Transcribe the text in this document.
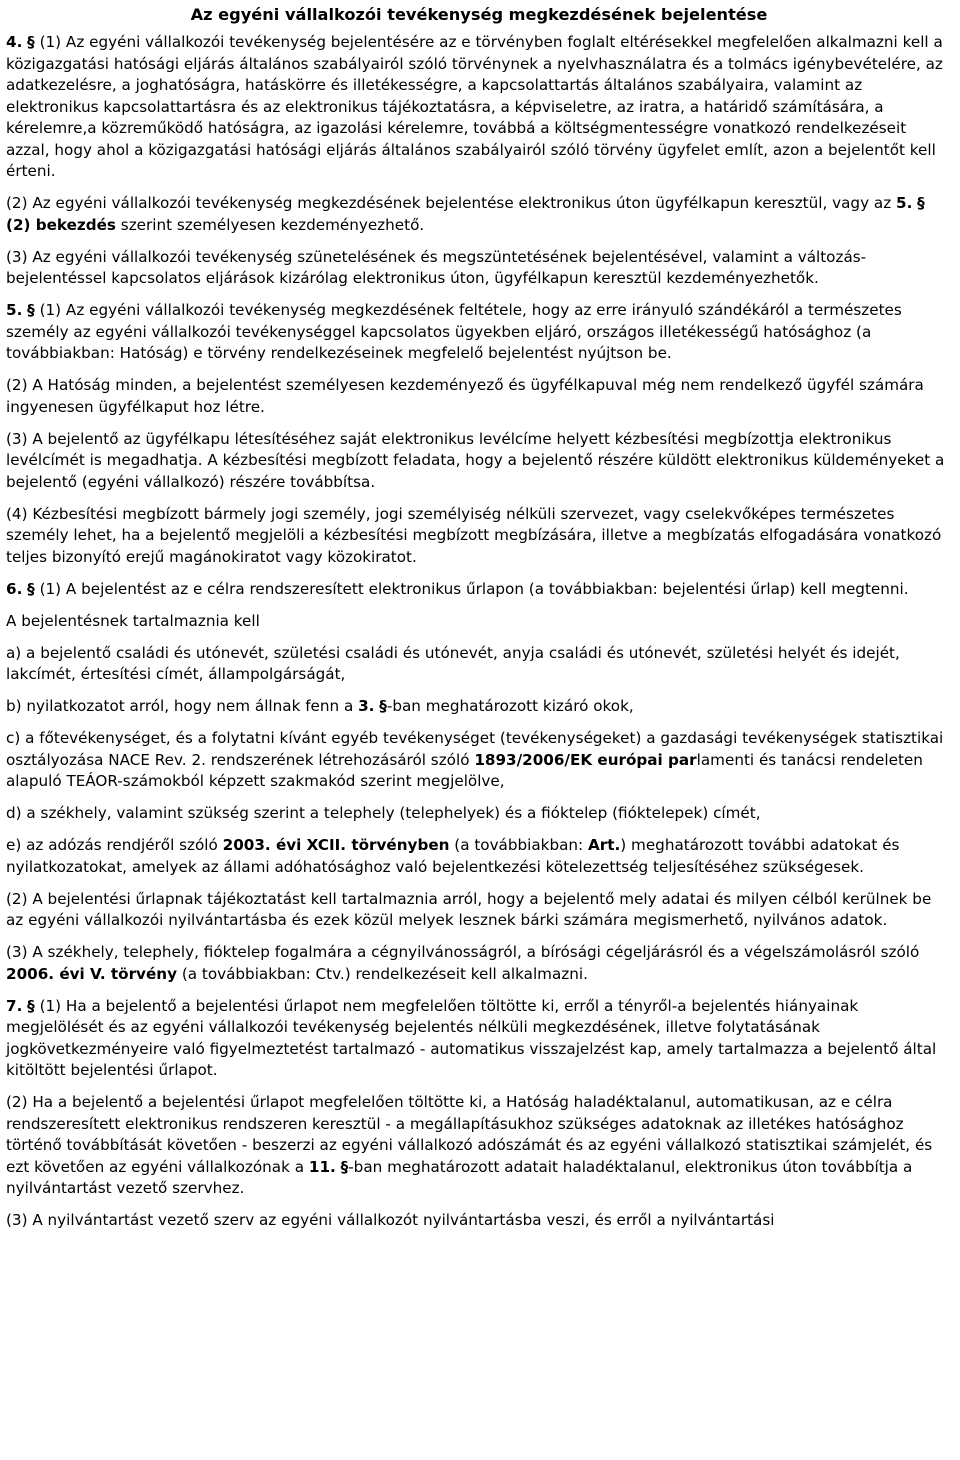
Az egyéni vállalkozói tevékenység megkezdésének bejelentése

4. § (1) Az egyéni vállalkozói tevékenység bejelentésére az e törvényben foglalt eltérésekkel megfelelően alkalmazni kell a közigazgatási hatósági eljárás általános szabályairól szóló törvénynek a nyelvhasználatra és a tolmács igénybevételére, az adatkezelésre, a joghatóságra, hatáskörre és illetékességre, a kapcsolattartás általános szabályaira, valamint az elektronikus kapcsolattartásra és az elektronikus tájékoztatásra, a képviseletre, az iratra, a határidő számítására, a kérelemre,a közreműködő hatóságra, az igazolási kérelemre, továbbá a költségmentességre vonatkozó rendelkezéseit azzal, hogy ahol a közigazgatási hatósági eljárás általános szabályairól szóló törvény ügyfelet említ, azon a bejelentőt kell érteni.

(2) Az egyéni vállalkozói tevékenység megkezdésének bejelentése elektronikus úton ügyfélkapun keresztül, vagy az 5. § (2) bekezdés szerint személyesen kezdeményezhető.

(3) Az egyéni vállalkozói tevékenység szünetelésének és megszüntetésének bejelentésével, valamint a változás-bejelentéssel kapcsolatos eljárások kizárólag elektronikus úton, ügyfélkapun keresztül kezdeményezhetők.

5. § (1) Az egyéni vállalkozói tevékenység megkezdésének feltétele, hogy az erre irányuló szándékáról a természetes személy az egyéni vállalkozói tevékenységgel kapcsolatos ügyekben eljáró, országos illetékességű hatósághoz (a továbbiakban: Hatóság) e törvény rendelkezéseinek megfelelő bejelentést nyújtson be.

(2) A Hatóság minden, a bejelentést személyesen kezdeményező és ügyfélkapuval még nem rendelkező ügyfél számára ingyenesen ügyfélkaput hoz létre.

(3) A bejelentő az ügyfélkapu létesítéséhez saját elektronikus levélcíme helyett kézbesítési megbízottja elektronikus levélcímét is megadhatja. A kézbesítési megbízott feladata, hogy a bejelentő részére küldött elektronikus küldeményeket a bejelentő (egyéni vállalkozó) részére továbbítsa.

(4) Kézbesítési megbízott bármely jogi személy, jogi személyiség nélküli szervezet, vagy cselekvőképes természetes személy lehet, ha a bejelentő megjelöli a kézbesítési megbízott megbízására, illetve a megbízatás elfogadására vonatkozó teljes bizonyító erejű magánokiratot vagy közokiratot.

6. § (1) A bejelentést az e célra rendszeresített elektronikus űrlapon (a továbbiakban: bejelentési űrlap) kell megtenni.

A bejelentésnek tartalmaznia kell

a) a bejelentő családi és utónevét, születési családi és utónevét, anyja családi és utónevét, születési helyét és idejét, lakcímét, értesítési címét, állampolgárságát,

b) nyilatkozatot arról, hogy nem állnak fenn a 3. §-ban meghatározott kizáró okok,

c) a főtevékenységet, és a folytatni kívánt egyéb tevékenységet (tevékenységeket) a gazdasági tevékenységek statisztikai osztályozása NACE Rev. 2. rendszerének létrehozásáról szóló 1893/2006/EK európai parlamenti és tanácsi rendeleten alapuló TEÁOR-számokból képzett szakmakód szerint megjelölve,

d) a székhely, valamint szükség szerint a telephely (telephelyek) és a fióktelep (fióktelepek) címét,

e) az adózás rendjéről szóló 2003. évi XCII. törvényben (a továbbiakban: Art.) meghatározott további adatokat és nyilatkozatokat, amelyek az állami adóhatósághoz való bejelentkezési kötelezettség teljesítéséhez szükségesek.

(2) A bejelentési űrlapnak tájékoztatást kell tartalmaznia arról, hogy a bejelentő mely adatai és milyen célból kerülnek be az egyéni vállalkozói nyilvántartásba és ezek közül melyek lesznek bárki számára megismerhető, nyilvános adatok.

(3) A székhely, telephely, fióktelep fogalmára a cégnyilvánosságról, a bírósági cégeljárásról és a végelszámolásról szóló 2006. évi V. törvény (a továbbiakban: Ctv.) rendelkezéseit kell alkalmazni.

7. § (1) Ha a bejelentő a bejelentési űrlapot nem megfelelően töltötte ki, erről a tényről-a bejelentés hiányainak megjelölését és az egyéni vállalkozói tevékenység bejelentés nélküli megkezdésének, illetve folytatásának jogkövetkezményeire való figyelmeztetést tartalmazó - automatikus visszajelzést kap, amely tartalmazza a bejelentő által kitöltött bejelentési űrlapot.

(2) Ha a bejelentő a bejelentési űrlapot megfelelően töltötte ki, a Hatóság haladéktalanul, automatikusan, az e célra rendszeresített elektronikus rendszeren keresztül - a megállapításukhoz szükséges adatoknak az illetékes hatósághoz történő továbbítását követően - beszerzi az egyéni vállalkozó adószámát és az egyéni vállalkozó statisztikai számjelét, és ezt követően az egyéni vállalkozónak a 11. §-ban meghatározott adatait haladéktalanul, elektronikus úton továbbítja a nyilvántartást vezető szervhez.

(3) A nyilvántartást vezető szerv az egyéni vállalkozót nyilvántartásba veszi, és erről a nyilvántartási
